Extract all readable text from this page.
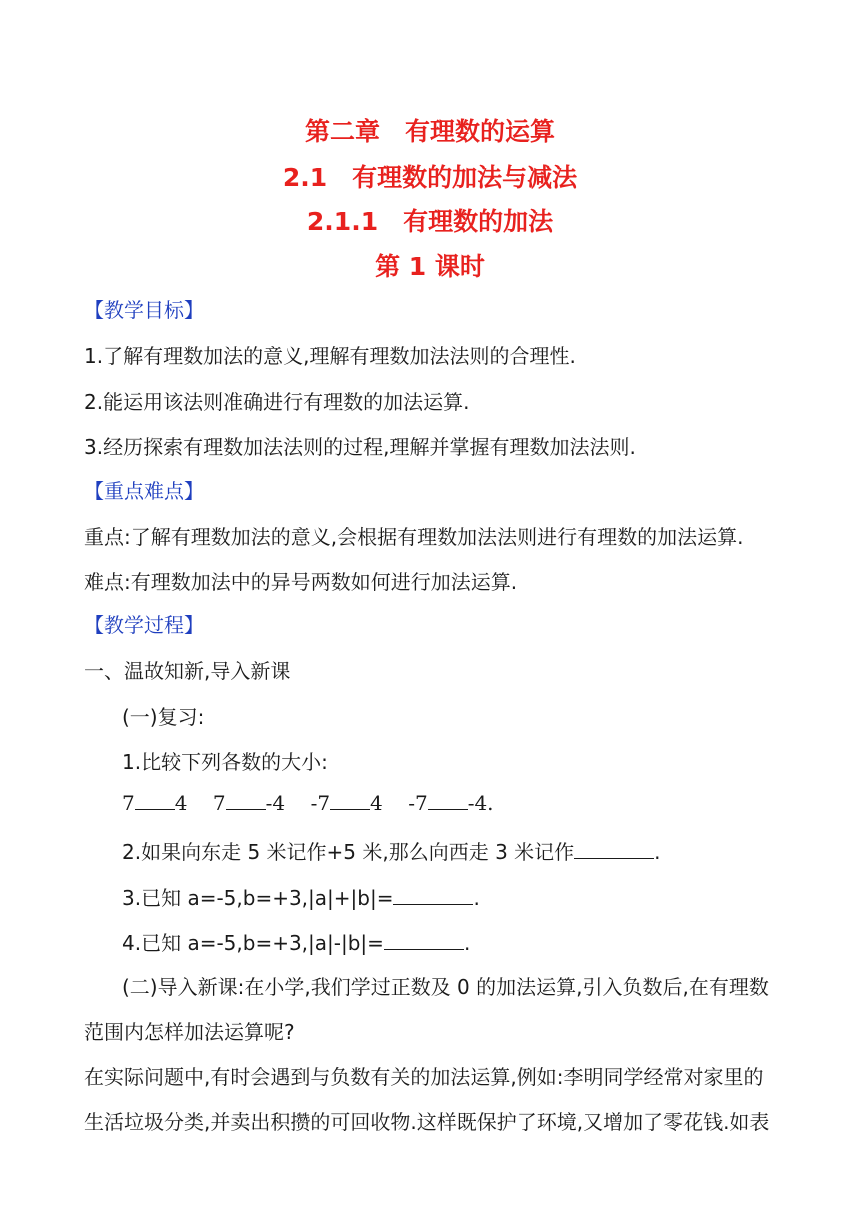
第二章　有理数的运算
2.1　有理数的加法与减法
2.1.1　有理数的加法
第 1 课时
【教学目标】
1.了解有理数加法的意义,理解有理数加法法则的合理性.
2.能运用该法则准确进行有理数的加法运算.
3.经历探索有理数加法法则的过程,理解并掌握有理数加法法则.
【重点难点】
重点:了解有理数加法的意义,会根据有理数加法法则进行有理数的加法运算.
难点:有理数加法中的异号两数如何进行加法运算.
【教学过程】
一、温故知新,导入新课
(一)复习:
1.比较下列各数的大小:
7 4 7 -4 -7 4 -7 -4.
2.如果向东走 5 米记作+5 米,那么向西走 3 米记作	.
3.已知 a=-5,b=+3,|a|+|b|=	.
4.已知 a=-5,b=+3,|a|-|b|=	.
(二)导入新课:在小学,我们学过正数及 0 的加法运算,引入负数后,在有理数
范围内怎样加法运算呢?
在实际问题中,有时会遇到与负数有关的加法运算,例如:李明同学经常对家里的
生活垃圾分类,并卖出积攒的可回收物.这样既保护了环境,又增加了零花钱.如表
